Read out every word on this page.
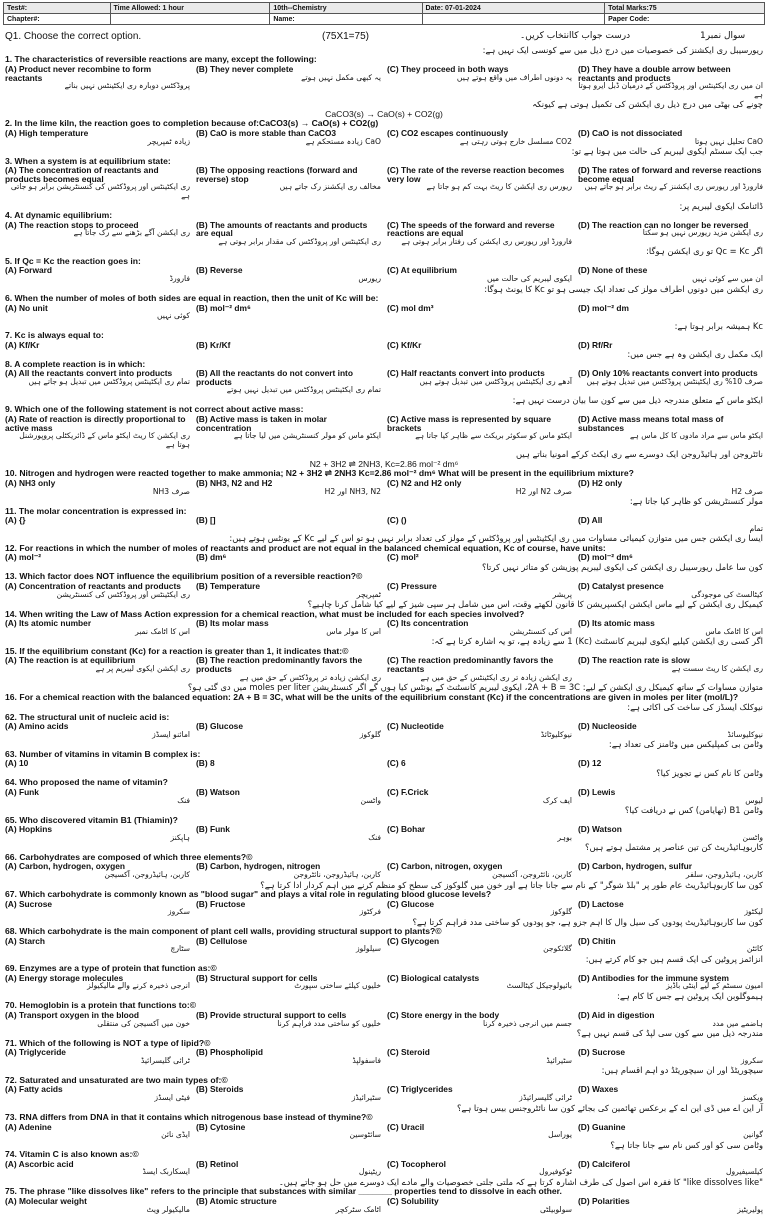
Test#:	Time Allowed: 1 hour	10th--Chemistry	Date: 07-01-2024	Total Marks:75
Chapter#:		Name:		Paper Code:
Q1. Choose the correct option.	(75X1=75)	درست جواب کاانتخاب کریں۔	سوال نمبر1
ریورسیبل ری ایکشنز کی خصوصیات میں درج ذیل میں سے کونسی ایک نہیں ہے:
1. The characteristics of reversible reactions are many, except the following:
(A) Product never recombine to form reactants
پروڈکٹس دوبارہ ری ایکٹینٹس نہیں بناتے
(B) They never complete
یہ کبھی مکمل نہیں ہوتے
(C) They proceed in both ways
یہ دونوں اطراف میں واقع ہوتے ہیں
(D) They have a double arrow between reactants and products
ان میں ری ایکٹینٹس اور پروڈکٹس کے درمیان ڈبل ایرو ہوتا ہے
چونے کی بھٹی میں درج ذیل ری ایکشن کی تکمیل ہوتی ہے کیونکہ
CaCO3(s) → CaO(s) + CO2(g)
2. In the lime kiln, the reaction goes to completion because of:CaCO3(s) → CaO(s) + CO2(g)
(A) High temperature
زیادہ ٹمپریچر
(B) CaO is more stable than CaCO3
CaO زیادہ مستحکم ہے
(C) CO2 escapes continuously
CO2 مسلسل خارج ہوتی رہتی ہے
(D) CaO is not dissociated
CaO تحلیل نہیں ہوتا
جب ایک سسٹم ایکوی لیبریم کی حالت میں ہوتا ہے تو:
3. When a system is at equilibrium state:
(A) The concentration of reactants and products becomes equal
ری ایکٹینٹس اور پروڈکٹس کی کنسنٹریشن برابر ہو جاتی ہے
(B) The opposing reactions (forward and reverse) stop
مخالف ری ایکشنز رک جاتے ہیں
(C) The rate of the reverse reaction becomes very low
ریورس ری ایکشن کا ریٹ بہت کم ہو جاتا ہے
(D) The rates of forward and reverse reactions become equal
فارورڈ اور ریورس ری ایکشنز کے ریٹ برابر ہو جاتے ہیں
ڈائنامک ایکوی لیبریم پر:
4. At dynamic equilibrium:
(A) The reaction stops to proceed
ری ایکشن آگے بڑھنے سے رک جاتا ہے
(B) The amounts of reactants and products are equal
ری ایکٹینٹس اور پروڈکٹس کی مقدار برابر ہوتی ہے
(C) The speeds of the forward and reverse reactions are equal
فارورڈ اور ریورس ری ایکشن کی رفتار برابر ہوتی ہے
(D) The reaction can no longer be reversed
ری ایکشن مزید ریورس نہیں ہو سکتا
اگر Qc = Kc تو ری ایکشن ہوگا:
5. If Qc = Kc the reaction goes in:
(A) Forward
فارورڈ
(B) Reverse
ریورس
(C) At equilibrium
ایکوی لیبریم کی حالت میں
(D) None of these
ان میں سے کوئی نہیں
ری ایکشن میں دونوں اطراف مولز کی تعداد ایک جیسی ہو تو Kc کا یونٹ ہوگا:
6. When the number of moles of both sides are equal in reaction, then the unit of Kc will be:
(A) No unit
کوئی نہیں
(B) mol⁻² dm⁶	(C) mol dm³	(D) mol⁻² dm
Kc ہمیشہ برابر ہوتا ہے:
7. Kc is always equal to:
(A) Kf/Kr	(B) Kr/Kf	(C) Kf/Kr	(D) Rf/Rr
ایک مکمل ری ایکشن وہ ہے جس میں:
8. A complete reaction is in which:
(A) All the reactants convert into products
تمام ری ایکٹینٹس پروڈکٹس میں تبدیل ہو جاتے ہیں
(B) All the reactants do not convert into products
تمام ری ایکٹینٹس پروڈکٹس میں تبدیل نہیں ہوتے
(C) Half reactants convert into products
آدھے ری ایکٹینٹس پروڈکٹس میں تبدیل ہوتے ہیں
(D) Only 10% reactants convert into products
صرف 10% ری ایکٹینٹس پروڈکٹس میں تبدیل ہوتے ہیں
ایکٹو ماس کے متعلق مندرجہ ذیل میں سے کون سا بیان درست نہیں ہے:
9. Which one of the following statement is not correct about active mass:
(A) Rate of reaction is directly proportional to active mass
ری ایکشن کا ریٹ ایکٹو ماس کے ڈائریکٹلی پروپورشنل ہوتا ہے
(B) Active mass is taken in molar concentration
ایکٹو ماس کو مولر کنسنٹریشن میں لیا جاتا ہے
(C) Active mass is represented by square brackets
ایکٹو ماس کو سکوئر بریکٹ سے ظاہر کیا جاتا ہے
(D) Active mass means total mass of substances
ایکٹو ماس سے مراد مادوں کا کل ماس ہے
نائٹروجن اور ہائیڈروجن ایک دوسرے سے ری ایکٹ کرکے امونیا بناتے ہیں
N2 + 3H2 ⇌ 2NH3, Kc=2.86 mol⁻² dm⁶
10. Nitrogen and hydrogen were reacted together to make ammonia; N2 + 3H2 ⇌ 2NH3 Kc=2.86 mol⁻² dm⁶ What will be present in the equilibrium mixture?
(A) NH3 only
صرف NH3
(B) NH3, N2 and H2
NH3, N2 اور H2
(C) N2 and H2 only
صرف N2 اور H2
(D) H2 only
صرف H2
مولر کنسنٹریشن کو ظاہر کیا جاتا ہے:
11. The molar concentration is expressed in:
(A) {}	(B) []	(C) ()	(D) All
تمام
ایسا ری ایکشن جس میں متوازن کیمیائی مساوات میں ری ایکٹینٹس اور پروڈکٹس کے مولز کی تعداد برابر نہیں ہو تو اس کے لیے Kc کے یونٹس ہوتے ہیں:
12. For reactions in which the number of moles of reactants and product are not equal in the balanced chemical equation, Kc of course, have units:
(A) mol⁻²	(B) dm⁶	(C) mol²	(D) mol⁻² dm⁶
کون سا عامل ریورسیبل ری ایکشن کی ایکوی لیبریم پوزیشن کو متاثر نہیں کرتا؟
13. Which factor does NOT influence the equilibrium position of a reversible reaction?©
(A) Concentration of reactants and products
ری ایکٹینٹس اور پروڈکٹس کی کنسنٹریشن
(B) Temperature
ٹمپریچر
(C) Pressure
پریشر
(D) Catalyst presence
کیٹالسٹ کی موجودگی
کیمیکل ری ایکشن کے لیے ماس ایکشن ایکسپریشن کا قانون لکھتے وقت، اس میں شامل ہر سپی شیز کے لیے کیا شامل کرنا چاہیے؟
14. When writing the Law of Mass Action expression for a chemical reaction, what must be included for each species involved?
(A) Its atomic number
اس کا اٹامک نمبر
(B) Its molar mass
اس کا مولر ماس
(C) Its concentration
اس کی کنسنٹریشن
(D) Its atomic mass
اس کا اٹامک ماس
اگر کسی ری ایکشن کیلیے ایکوی لیبریم کانسٹنٹ (Kc) 1 سے زیادہ ہے، تو یہ اشارہ کرتا ہے کہ:
15. If the equilibrium constant (Kc) for a reaction is greater than 1, it indicates that:©
(A) The reaction is at equilibrium
ری ایکشن ایکوی لیبریم پر ہے
(B) The reaction predominantly favors the products
ری ایکشن زیادہ تر پروڈکٹس کے حق میں ہے
(C) The reaction predominantly favors the reactants
ری ایکشن زیادہ تر ری ایکٹینٹس کے حق میں ہے
(D) The reaction rate is slow
ری ایکشن کا ریٹ سست ہے
متوازن مساوات کے ساتھ کیمیکل ری ایکشن کے لیے: 2A + B = 3C، ایکوی لیبریم کانسٹنٹ کے یونٹس کیا ہوں گے اگر کنسنٹریشن moles per liter میں دی گئی ہو؟
16. For a chemical reaction with the balanced equation: 2A + B = 3C, what will be the units of the equilibrium constant (Kc) if the concentrations are given in moles per liter (mol/L)?
نیوکلک ایسڈز کی ساخت کی اکائی ہے:
62. The structural unit of nucleic acid is:
(A) Amino acids
امائنو ایسڈز
(B) Glucose
گلوکوز
(C) Nucleotide
نیوکلیوٹائڈ
(D) Nucleoside
نیوکلیوسائڈ
وٹامن بی کمپلیکس میں وٹامنز کی تعداد ہے:
63. Number of vitamins in vitamin B complex is:
(A) 10	(B) 8	(C) 6	(D) 12
وٹامن کا نام کس نے تجویز کیا؟
64. Who proposed the name of vitamin?
(A) Funk
فنک
(B) Watson
واٹسن
(C) F.Crick
ایف کرک
(D) Lewis
لیوس
وٹامن B1 (تھایامن) کس نے دریافت کیا؟
65. Who discovered vitamin B1 (Thiamin)?
(A) Hopkins
ہاپکنز
(B) Funk
فنک
(C) Bohar
بوہر
(D) Watson
واٹسن
کاربوہائیڈریٹ کن تین عناصر پر مشتمل ہوتے ہیں؟
66. Carbohydrates are composed of which three elements?©
(A) Carbon, hydrogen, oxygen
کاربن، ہائیڈروجن، آکسیجن
(B) Carbon, hydrogen, nitrogen
کاربن، ہائیڈروجن، نائٹروجن
(C) Carbon, nitrogen, oxygen
کاربن، نائٹروجن، آکسیجن
(D) Carbon, hydrogen, sulfur
کاربن، ہائیڈروجن، سلفر
کون سا کاربوہائیڈریٹ عام طور پر "بلڈ شوگر" کے نام سے جانا جاتا ہے اور خون میں گلوکوز کی سطح کو منظم کرنے میں اہم کردار ادا کرتا ہے؟
67. Which carbohydrate is commonly known as "blood sugar" and plays a vital role in regulating blood glucose levels?
(A) Sucrose
سکروز
(B) Fructose
فرکٹوز
(C) Glucose
گلوکوز
(D) Lactose
لیکٹوز
کون سا کاربوہائیڈریٹ پودوں کی سیل وال کا اہم جزو ہے، جو پودوں کو ساختی مدد فراہم کرتا ہے؟
68. Which carbohydrate is the main component of plant cell walls, providing structural support to plants?©
(A) Starch
سٹارچ
(B) Cellulose
سیلولوز
(C) Glycogen
گلائکوجن
(D) Chitin
کائٹن
انزائمز پروٹین کی ایک قسم ہیں جو کام کرتے ہیں:
69. Enzymes are a type of protein that function as:©
(A) Energy storage molecules
انرجی ذخیرہ کرنے والے مالیکیولز
(B) Structural support for cells
خلیوں کیلئے ساختی سپورٹ
(C) Biological catalysts
بائیولوجیکل کیٹالسٹ
(D) Antibodies for the immune system
امیون سسٹم کے لیے اینٹی باڈیز
ہیموگلوبن ایک پروٹین ہے جس کا کام ہے:
70. Hemoglobin is a protein that functions to:©
(A) Transport oxygen in the blood
خون میں آکسیجن کی منتقلی
(B) Provide structural support to cells
خلیوں کو ساختی مدد فراہم کرنا
(C) Store energy in the body
جسم میں انرجی ذخیرہ کرنا
(D) Aid in digestion
ہاضمے میں مدد
مندرجہ ذیل میں سے کون سی لپڈ کی قسم نہیں ہے؟
71. Which of the following is NOT a type of lipid?©
(A) Triglyceride
ٹرائی گلیسرائیڈ
(B) Phospholipid
فاسفولپڈ
(C) Steroid
سٹیرائیڈ
(D) Sucrose
سکروز
سیچوریٹڈ اور ان سیچوریٹڈ دو اہم اقسام ہیں:
72. Saturated and unsaturated are two main types of:©
(A) Fatty acids
فیٹی ایسڈز
(B) Steroids
سٹیرائیڈز
(C) Triglycerides
ٹرائی گلیسرائیڈز
(D) Waxes
ویکسز
آر این اے میں ڈی این اے کے برعکس تھائمین کی بجائے کون سا نائٹروجنس بیس ہوتا ہے؟
73. RNA differs from DNA in that it contains which nitrogenous base instead of thymine?©
(A) Adenine
ایڈی نائن
(B) Cytosine
سائٹوسین
(C) Uracil
یوراسل
(D) Guanine
گوانین
وٹامن سی کو اور کس نام سے جانا جاتا ہے؟
74. Vitamin C is also known as:©
(A) Ascorbic acid
ایسکاربک ایسڈ
(B) Retinol
ریٹینول
(C) Tocopherol
ٹوکوفیرول
(D) Calciferol
کیلسیفیرول
"like dissolves like" کا فقرہ اس اصول کی طرف اشارہ کرتا ہے کہ ملتی جلتی خصوصیات والے مادے ایک دوسرے میں حل ہو جاتے ہیں۔
75. The phrase "like dissolves like" refers to the principle that substances with similar _______ properties tend to dissolve in each other.
(A) Molecular weight
مالیکیولر ویٹ
(B) Atomic structure
اٹامک سٹرکچر
(C) Solubility
سولوبیلٹی
(D) Polarities
پولیریٹیز
